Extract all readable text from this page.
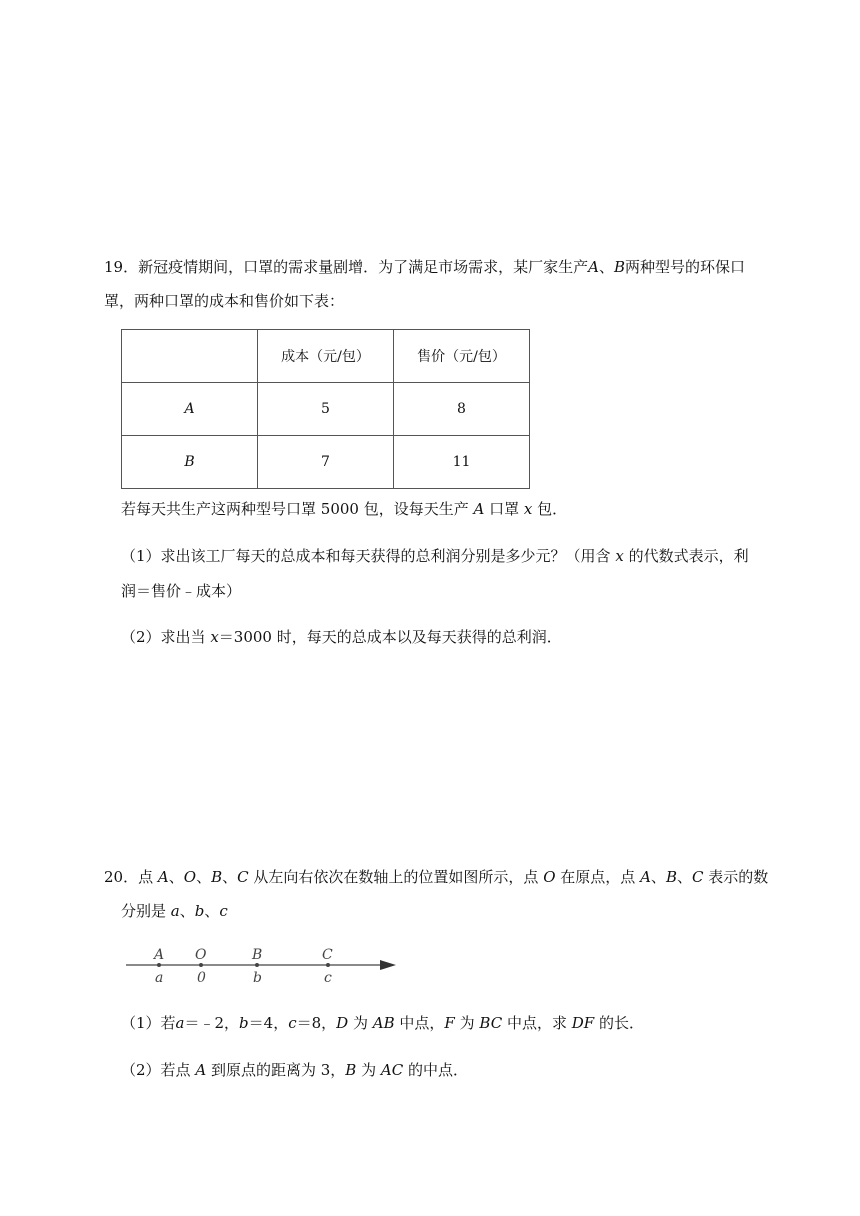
19．新冠疫情期间，口罩的需求量剧增．为了满足市场需求，某厂家生产A、B两种型号的环保口
罩，两种口罩的成本和售价如下表：
	成本（元/包）	售价（元/包）
A	5	8
B	7	11
若每天共生产这两种型号口罩 5000 包，设每天生产 A 口罩 x 包．
（1）求出该工厂每天的总成本和每天获得的总利润分别是多少元？（用含 x 的代数式表示，利
润＝售价﹣成本）
（2）求出当 x＝3000 时，每天的总成本以及每天获得的总利润．
20．点 A、O、B、C 从左向右依次在数轴上的位置如图所示，点 O 在原点，点 A、B、C 表示的数
分别是 a、b、c
A O	B	C
a 0	b	c
（1）若a＝﹣2，b＝4，c＝8，D 为 AB 中点，F 为 BC 中点，求 DF 的长．
（2）若点 A 到原点的距离为 3，B 为 AC 的中点．
